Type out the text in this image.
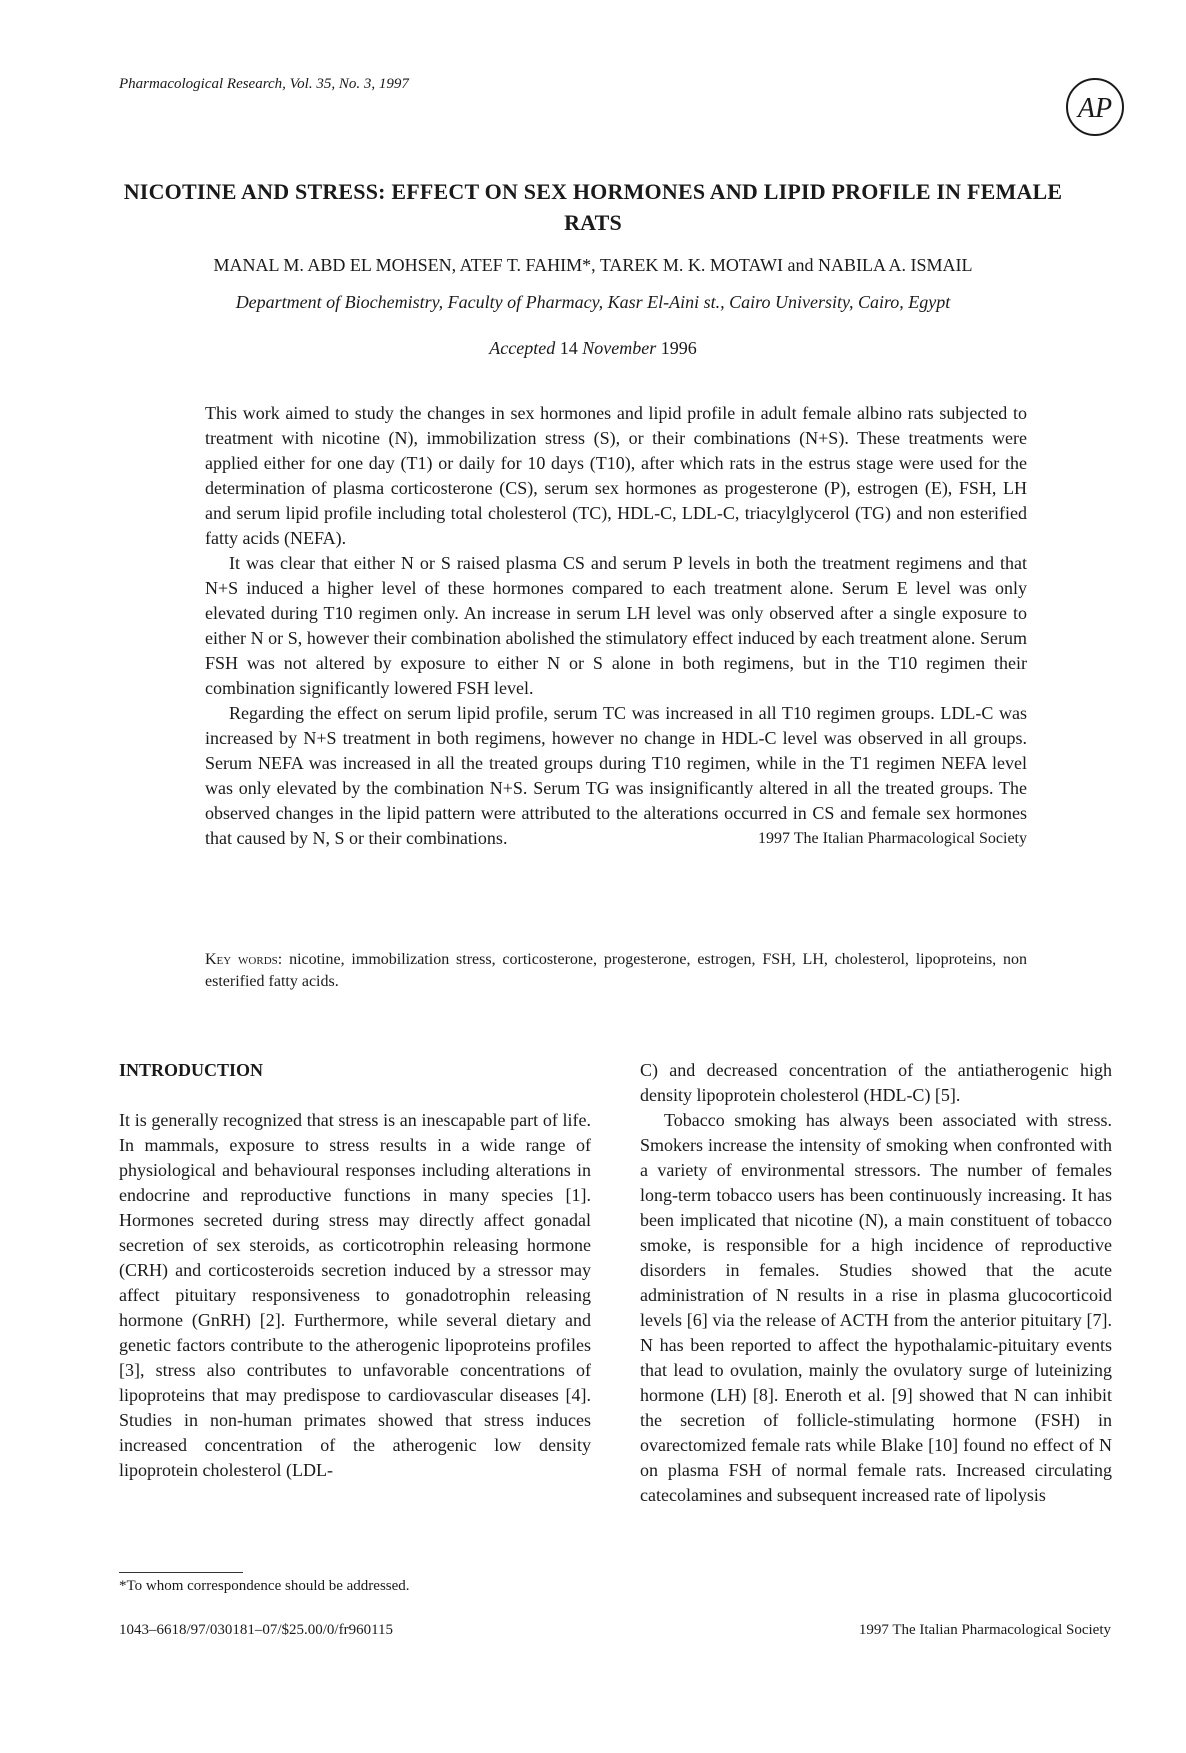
Pharmacological Research, Vol. 35, No. 3, 1997
AP
NICOTINE AND STRESS: EFFECT ON SEX HORMONES AND LIPID PROFILE IN FEMALE RATS
MANAL M. ABD EL MOHSEN, ATEF T. FAHIM*, TAREK M. K. MOTAWI and NABILA A. ISMAIL
Department of Biochemistry, Faculty of Pharmacy, Kasr El-Aini st., Cairo University, Cairo, Egypt
Accepted 14 November 1996

This work aimed to study the changes in sex hormones and lipid profile in adult female albino rats subjected to treatment with nicotine (N), immobilization stress (S), or their combinations (N+S). These treatments were applied either for one day (T1) or daily for 10 days (T10), after which rats in the estrus stage were used for the determination of plasma corticosterone (CS), serum sex hormones as progesterone (P), estrogen (E), FSH, LH and serum lipid profile including total cholesterol (TC), HDL-C, LDL-C, triacylglycerol (TG) and non esterified fatty acids (NEFA).

It was clear that either N or S raised plasma CS and serum P levels in both the treatment regimens and that N+S induced a higher level of these hormones compared to each treatment alone. Serum E level was only elevated during T10 regimen only. An increase in serum LH level was only observed after a single exposure to either N or S, however their combination abolished the stimulatory effect induced by each treatment alone. Serum FSH was not altered by exposure to either N or S alone in both regimens, but in the T10 regimen their combination significantly lowered FSH level.

Regarding the effect on serum lipid profile, serum TC was increased in all T10 regimen groups. LDL-C was increased by N+S treatment in both regimens, however no change in HDL-C level was observed in all groups. Serum NEFA was increased in all the treated groups during T10 regimen, while in the T1 regimen NEFA level was only elevated by the combination N+S. Serum TG was insignificantly altered in all the treated groups. The observed changes in the lipid pattern were attributed to the alterations occurred in CS and female sex hormones that caused by N, S or their combinations.	1997 The Italian Pharmacological Society

Key words: nicotine, immobilization stress, corticosterone, progesterone, estrogen, FSH, LH, cholesterol, lipoproteins, non esterified fatty acids.
INTRODUCTION

It is generally recognized that stress is an inescapable part of life. In mammals, exposure to stress results in a wide range of physiological and behavioural responses including alterations in endocrine and reproductive functions in many species [1]. Hormones secreted during stress may directly affect gonadal secretion of sex steroids, as corticotrophin releasing hormone (CRH) and corticosteroids secretion induced by a stressor may affect pituitary responsiveness to gonadotrophin releasing hormone (GnRH) [2]. Furthermore, while several dietary and genetic factors contribute to the atherogenic lipoproteins profiles [3], stress also contributes to unfavorable concentrations of lipoproteins that may predispose to cardiovascular diseases [4]. Studies in non-human primates showed that stress induces increased concentration of the atherogenic low density lipoprotein cholesterol (LDL-

C) and decreased concentration of the antiatherogenic high density lipoprotein cholesterol (HDL-C) [5].

Tobacco smoking has always been associated with stress. Smokers increase the intensity of smoking when confronted with a variety of environmental stressors. The number of females long-term tobacco users has been continuously increasing. It has been implicated that nicotine (N), a main constituent of tobacco smoke, is responsible for a high incidence of reproductive disorders in females. Studies showed that the acute administration of N results in a rise in plasma glucocorticoid levels [6] via the release of ACTH from the anterior pituitary [7]. N has been reported to affect the hypothalamic-pituitary events that lead to ovulation, mainly the ovulatory surge of luteinizing hormone (LH) [8]. Eneroth et al. [9] showed that N can inhibit the secretion of follicle-stimulating hormone (FSH) in ovarectomized female rats while Blake [10] found no effect of N on plasma FSH of normal female rats. Increased circulating catecolamines and subsequent increased rate of lipolysis

*To whom correspondence should be addressed.
1043–6618/97/030181–07/$25.00/0/fr960115	1997 The Italian Pharmacological Society
